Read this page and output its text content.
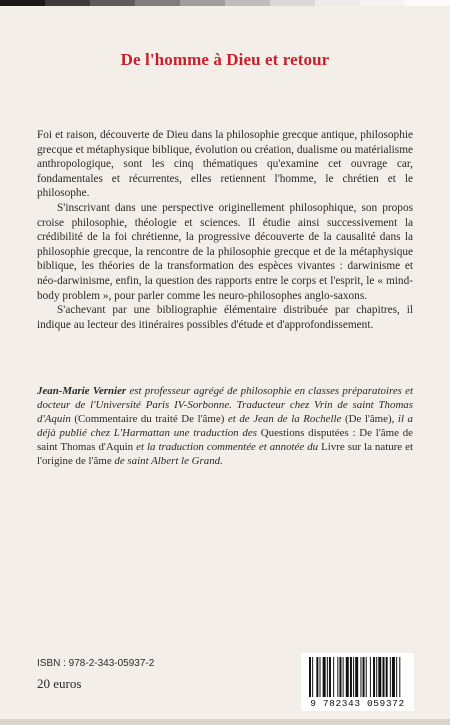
De l'homme à Dieu et retour

Foi et raison, découverte de Dieu dans la philosophie grecque antique, philosophie grecque et métaphysique biblique, évolution ou création, dualisme ou matérialisme anthropologique, sont les cinq thématiques qu'examine cet ouvrage car, fondamentales et récurrentes, elles retiennent l'homme, le chrétien et le philosophe.

S'inscrivant dans une perspective originellement philosophique, son propos croise philosophie, théologie et sciences. Il étudie ainsi successivement la crédibilité de la foi chrétienne, la progressive découverte de la causalité dans la philosophie grecque, la rencontre de la philosophie grecque et de la métaphysique biblique, les théories de la transformation des espèces vivantes : darwinisme et néo-darwinisme, enfin, la question des rapports entre le corps et l'esprit, le « mind-body problem », pour parler comme les neuro-philosophes anglo-saxons.

S'achevant par une bibliographie élémentaire distribuée par chapitres, il indique au lecteur des itinéraires possibles d'étude et d'approfondissement.

Jean-Marie Vernier est professeur agrégé de philosophie en classes préparatoires et docteur de l'Université Paris IV-Sorbonne. Traducteur chez Vrin de saint Thomas d'Aquin (Commentaire du traité De l'âme) et de Jean de la Rochelle (De l'âme), il a déjà publié chez L'Harmattan une traduction des Questions disputées : De l'âme de saint Thomas d'Aquin et la traduction commentée et annotée du Livre sur la nature et l'origine de l'âme de saint Albert le Grand.
ISBN : 978-2-343-05937-2
20 euros
9 782343 059372
